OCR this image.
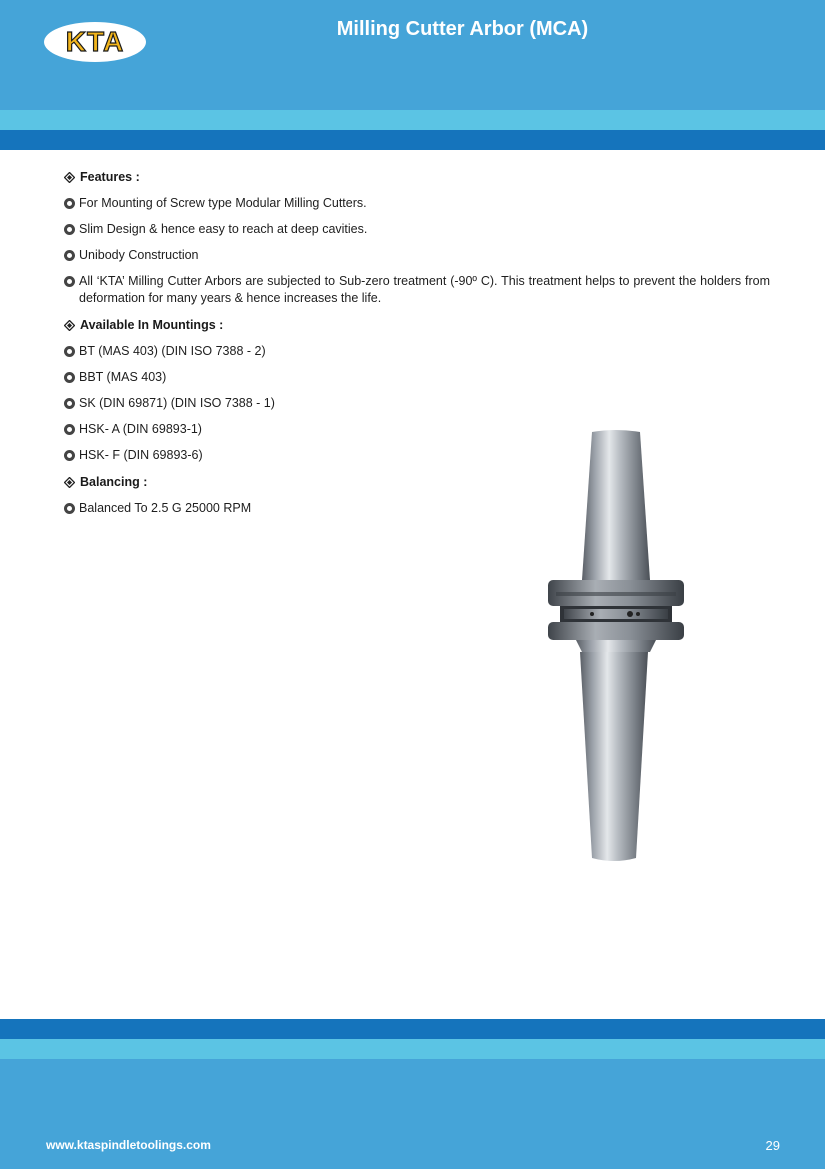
KTA	Milling Cutter Arbor (MCA)
Features :
For Mounting of Screw type Modular Milling Cutters.
Slim Design & hence easy to reach at deep cavities.
Unibody Construction
All ‘KTA’ Milling Cutter Arbors are subjected to Sub-zero treatment (-90º C). This treatment helps to prevent the holders from deformation for many years & hence increases the life.
Available In Mountings :
BT (MAS 403) (DIN ISO 7388 - 2)
BBT (MAS 403)
SK (DIN 69871) (DIN ISO 7388 - 1)
HSK- A (DIN 69893-1)
HSK- F (DIN 69893-6)
Balancing :
Balanced To 2.5 G 25000 RPM
www.ktaspindletoolings.com	29
